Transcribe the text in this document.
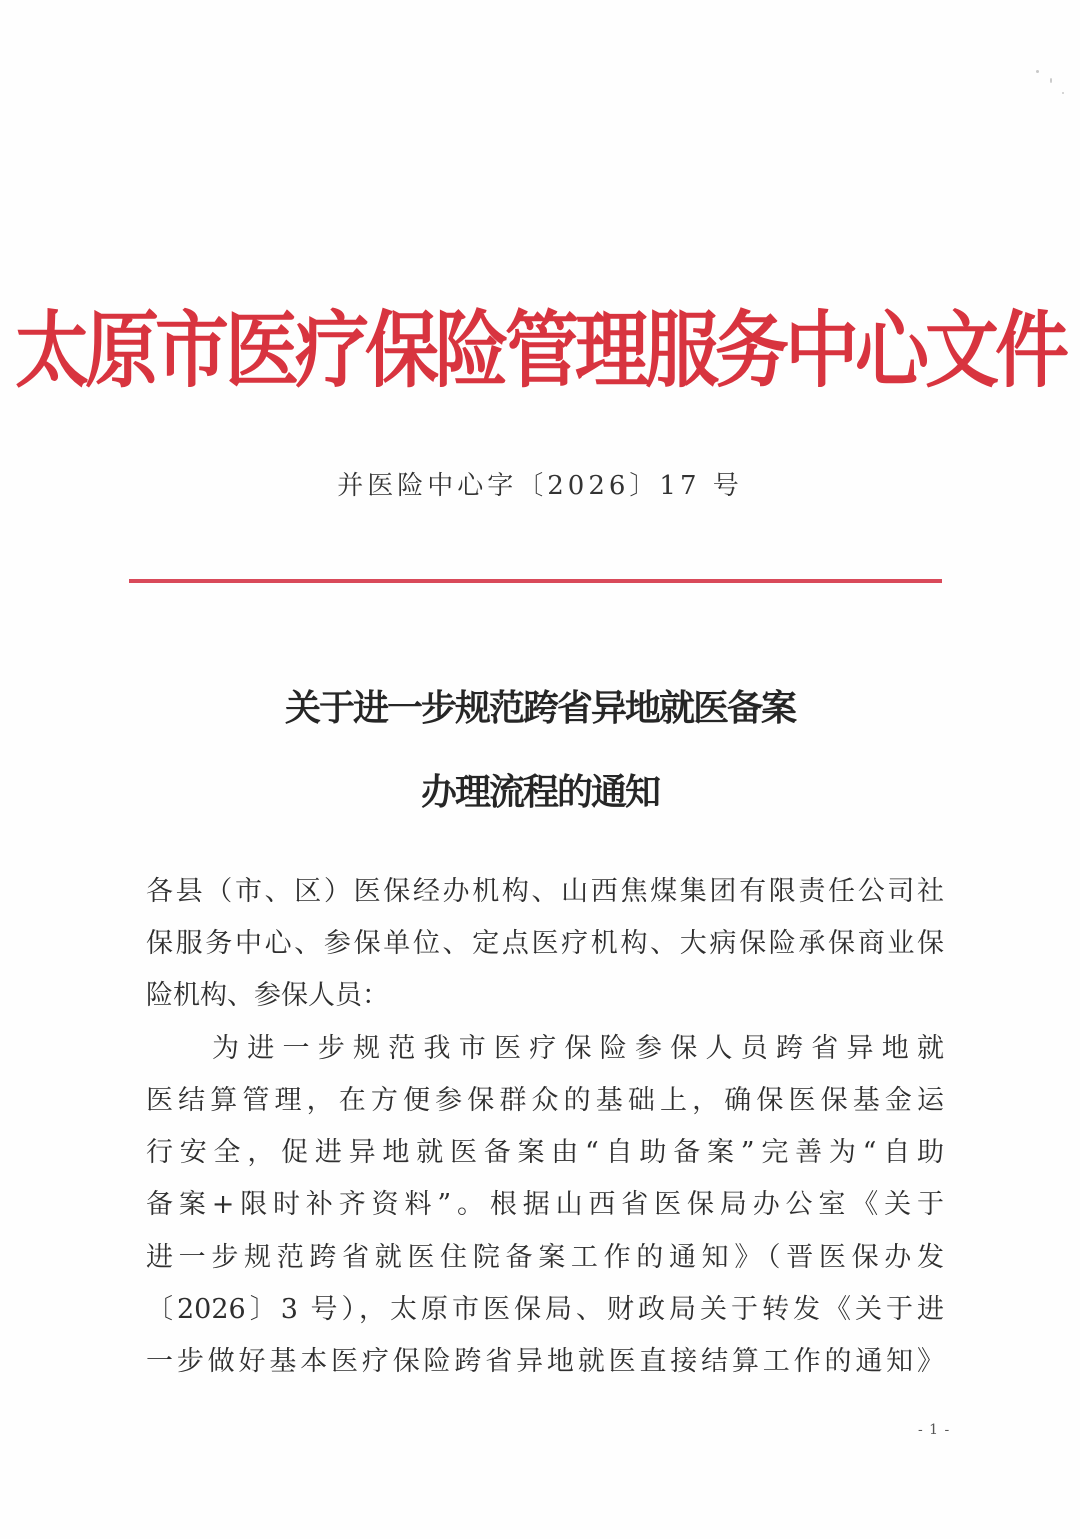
太原市医疗保险管理服务中心文件
并医险中心字〔2026〕17 号
关于进一步规范跨省异地就医备案
办理流程的通知
各县（市、区）医保经办机构、山西焦煤集团有限责任公司社
保服务中心、参保单位、定点医疗机构、大病保险承保商业保
险机构、参保人员：
为进一步规范我市医疗保险参保人员跨省异地就
医结算管理，在方便参保群众的基础上，确保医保基金运
行安全，促进异地就医备案由“自助备案”完善为“自助
备案+限时补齐资料”。根据山西省医保局办公室《关于
进一步规范跨省就医住院备案工作的通知》（晋医保办发
〔2026〕3 号），太原市医保局、财政局关于转发《关于进
一步做好基本医疗保险跨省异地就医直接结算工作的通知》
- 1 -
